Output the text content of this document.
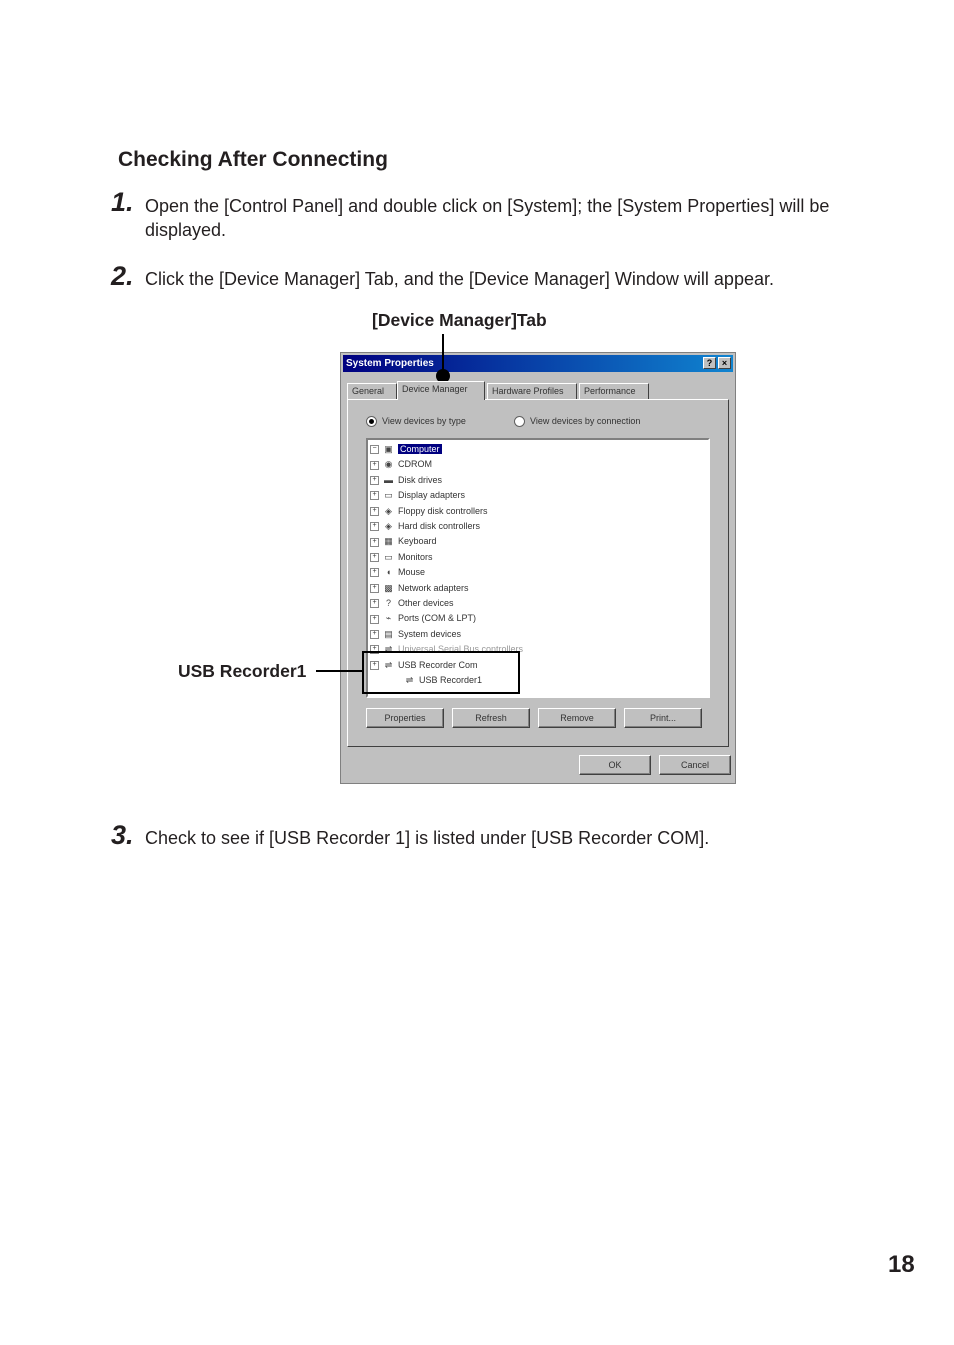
Checking After Connecting
1. Open the [Control Panel] and double click on [System]; the [System Properties] will be displayed.
2. Click the [Device Manager] Tab, and the [Device Manager] Window will appear.
3. Check to see if [USB Recorder 1] is listed under [USB Recorder COM].
[Device Manager]Tab
USB Recorder1
System Properties	?	×
General	Device Manager	Hardware Profiles	Performance
View devices by type	View devices by connection
− ▣ Computer
+ ◉ CDROM
+ ▬ Disk drives
+ ▭ Display adapters
+ ◈ Floppy disk controllers
+ ◈ Hard disk controllers
+ ▦ Keyboard
+ ▭ Monitors
+ ◖ Mouse
+ ▩ Network adapters
+ ? Other devices
+ ⌁ Ports (COM & LPT)
+ ▤ System devices
+ ⇌ Universal Serial Bus controllers
+ ⇌ USB Recorder Com
⇌ USB Recorder1
Properties	Refresh	Remove	Print...
OK	Cancel
18
